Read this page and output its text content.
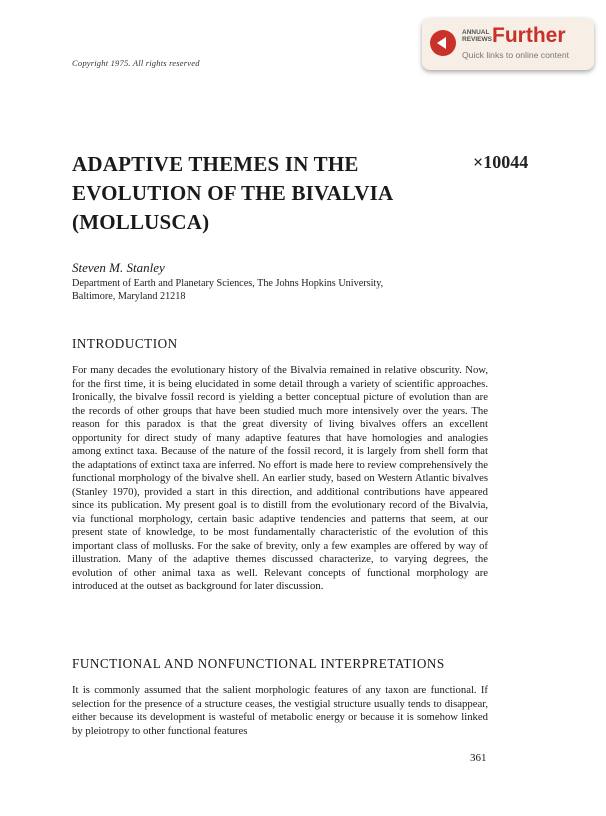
Copyright 1975. All rights reserved
ANNUAL
REVIEWS Further
Quick links to online content
ADAPTIVE THEMES IN THE EVOLUTION OF THE BIVALVIA (MOLLUSCA)
×10044

Steven M. Stanley

Department of Earth and Planetary Sciences, The Johns Hopkins University,
Baltimore, Maryland 21218
INTRODUCTION

For many decades the evolutionary history of the Bivalvia remained in relative obscurity. Now, for the first time, it is being elucidated in some detail through a variety of scientific approaches. Ironically, the bivalve fossil record is yielding a better conceptual picture of evolution than are the records of other groups that have been studied much more intensively over the years. The reason for this paradox is that the great diversity of living bivalves offers an excellent opportunity for direct study of many adaptive features that have homologies and analogies among extinct taxa. Because of the nature of the fossil record, it is largely from shell form that the adaptations of extinct taxa are inferred. No effort is made here to review comprehensively the functional morphology of the bivalve shell. An earlier study, based on Western Atlantic bivalves (Stanley 1970), provided a start in this direction, and additional contributions have appeared since its publication. My present goal is to distill from the evolutionary record of the Bivalvia, via functional morphology, certain basic adaptive tendencies and patterns that seem, at our present state of knowledge, to be most fundamentally characteristic of the evolution of this important class of mollusks. For the sake of brevity, only a few examples are offered by way of illustration. Many of the adaptive themes discussed characterize, to varying degrees, the evolution of other animal taxa as well. Relevant concepts of functional morphology are introduced at the outset as background for later discussion.

FUNCTIONAL AND NONFUNCTIONAL INTERPRETATIONS

It is commonly assumed that the salient morphologic features of any taxon are functional. If selection for the presence of a structure ceases, the vestigial structure usually tends to disappear, either because its development is wasteful of metabolic energy or because it is somehow linked by pleiotropy to other functional features

361
